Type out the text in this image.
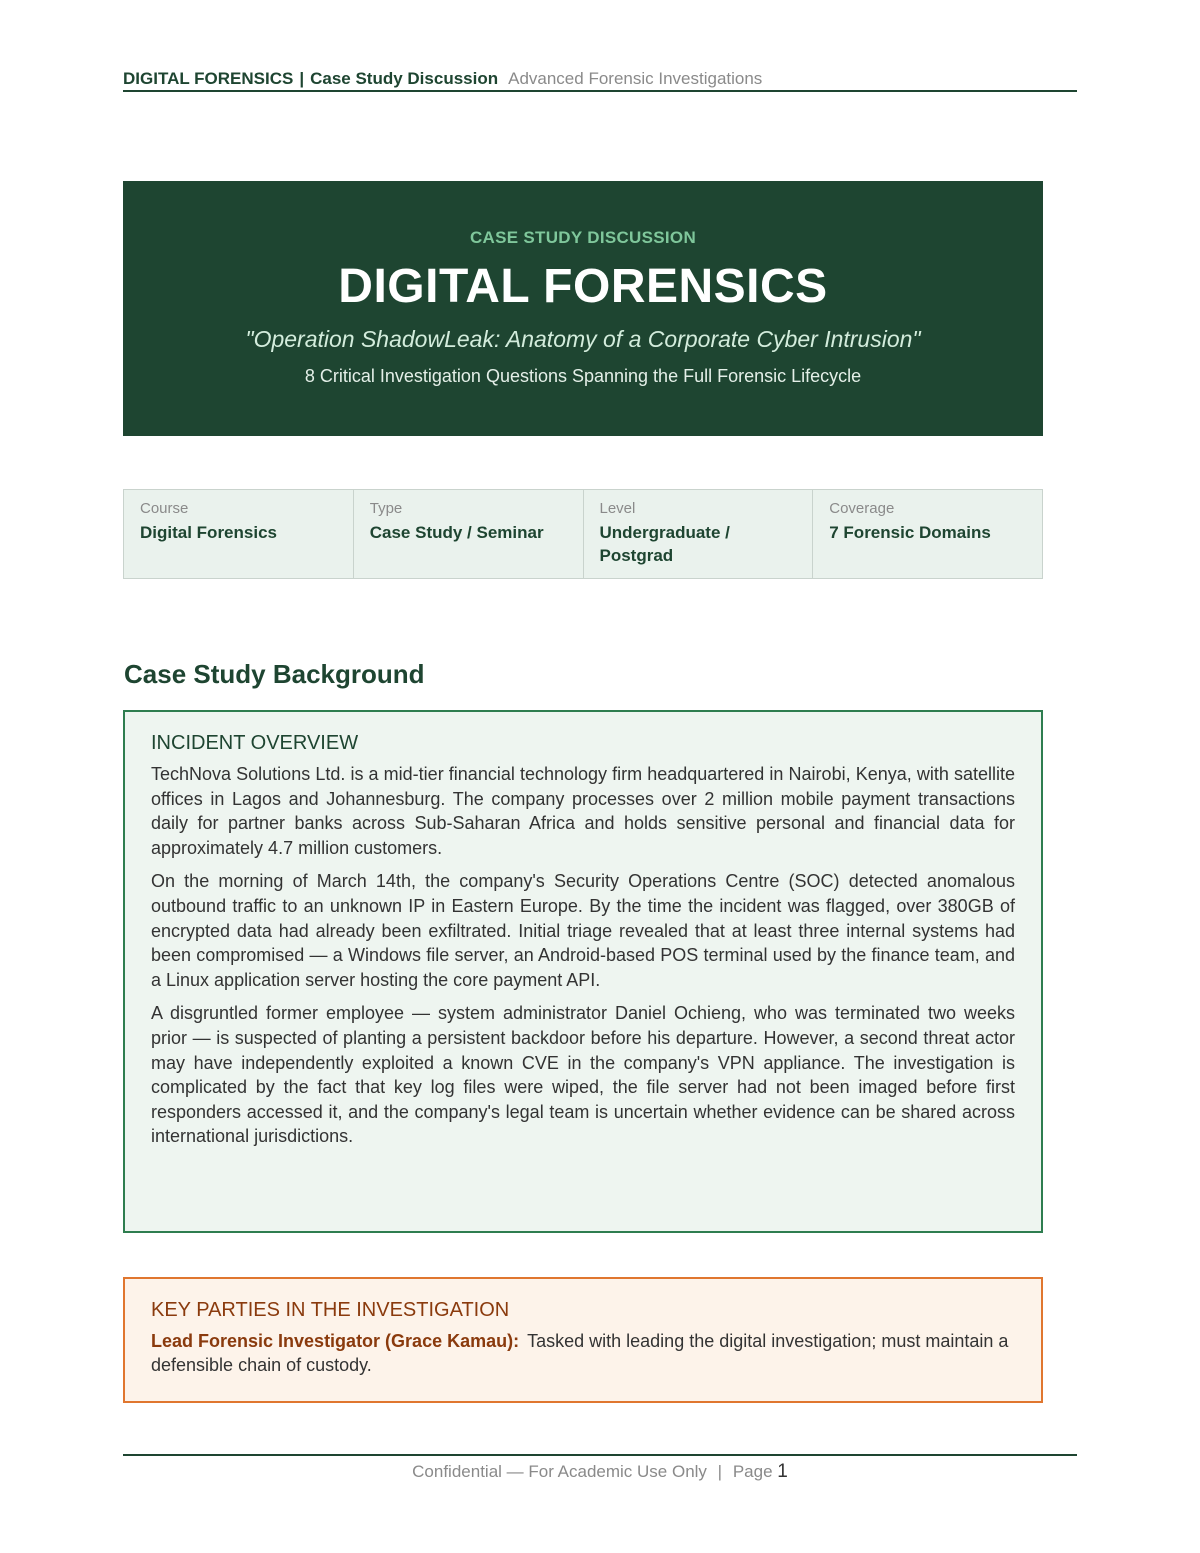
DIGITAL FORENSICS | Case Study Discussion Advanced Forensic Investigations
CASE STUDY DISCUSSION
DIGITAL FORENSICS
"Operation ShadowLeak: Anatomy of a Corporate Cyber Intrusion"
8 Critical Investigation Questions Spanning the Full Forensic Lifecycle
Course
Digital Forensics
Type
Case Study / Seminar
Level
Undergraduate / Postgrad
Coverage
7 Forensic Domains
Case Study Background
INCIDENT OVERVIEW

TechNova Solutions Ltd. is a mid-tier financial technology firm headquartered in Nairobi, Kenya, with satellite offices in Lagos and Johannesburg. The company processes over 2 million mobile payment transactions daily for partner banks across Sub-Saharan Africa and holds sensitive personal and financial data for approximately 4.7 million customers.

On the morning of March 14th, the company's Security Operations Centre (SOC) detected anomalous outbound traffic to an unknown IP in Eastern Europe. By the time the incident was flagged, over 380GB of encrypted data had already been exfiltrated. Initial triage revealed that at least three internal systems had been compromised — a Windows file server, an Android-based POS terminal used by the finance team, and a Linux application server hosting the core payment API.

A disgruntled former employee — system administrator Daniel Ochieng, who was terminated two weeks prior — is suspected of planting a persistent backdoor before his departure. However, a second threat actor may have independently exploited a known CVE in the company's VPN appliance. The investigation is complicated by the fact that key log files were wiped, the file server had not been imaged before first responders accessed it, and the company's legal team is uncertain whether evidence can be shared across international jurisdictions.

KEY PARTIES IN THE INVESTIGATION
Lead Forensic Investigator (Grace Kamau): Tasked with leading the digital investigation; must maintain a defensible chain of custody.
Confidential — For Academic Use Only | Page 1
